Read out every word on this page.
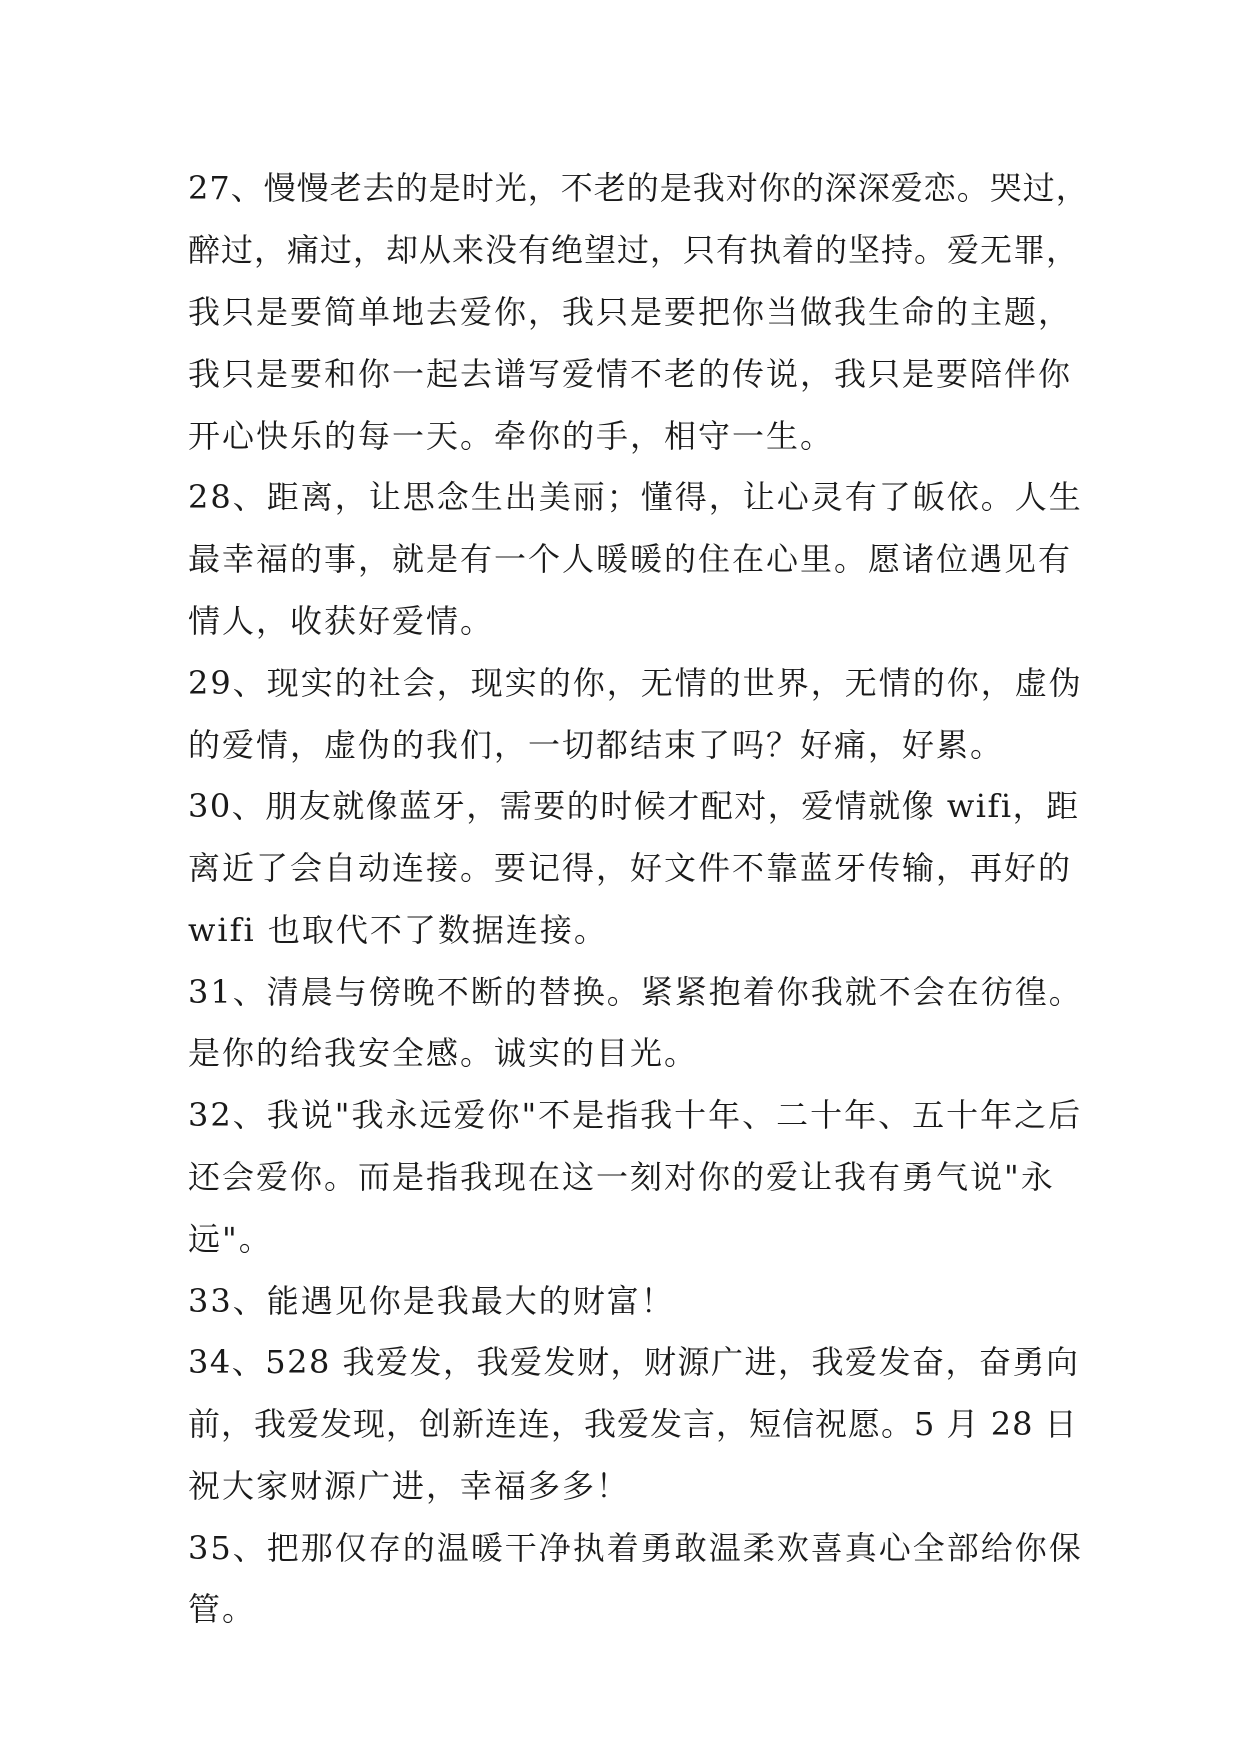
27、慢慢老去的是时光，不老的是我对你的深深爱恋。哭过，

醉过，痛过，却从来没有绝望过，只有执着的坚持。爱无罪，

我只是要简单地去爱你，我只是要把你当做我生命的主题，

我只是要和你一起去谱写爱情不老的传说，我只是要陪伴你

开心快乐的每一天。牵你的手，相守一生。

28、距离，让思念生出美丽；懂得，让心灵有了皈依。人生

最幸福的事，就是有一个人暖暖的住在心里。愿诸位遇见有

情人，收获好爱情。

29、现实的社会，现实的你，无情的世界，无情的你，虚伪

的爱情，虚伪的我们，一切都结束了吗？好痛，好累。

30、朋友就像蓝牙，需要的时候才配对，爱情就像 wifi，距

离近了会自动连接。要记得，好文件不靠蓝牙传输，再好的

wifi 也取代不了数据连接。

31、清晨与傍晚不断的替换。紧紧抱着你我就不会在彷徨。

是你的给我安全感。诚实的目光。

32、我说"我永远爱你"不是指我十年、二十年、五十年之后

还会爱你。而是指我现在这一刻对你的爱让我有勇气说"永

远"。

33、能遇见你是我最大的财富！

34、528 我爱发，我爱发财，财源广进，我爱发奋，奋勇向

前，我爱发现，创新连连，我爱发言，短信祝愿。5 月 28 日

祝大家财源广进，幸福多多！

35、把那仅存的温暖干净执着勇敢温柔欢喜真心全部给你保

管。
